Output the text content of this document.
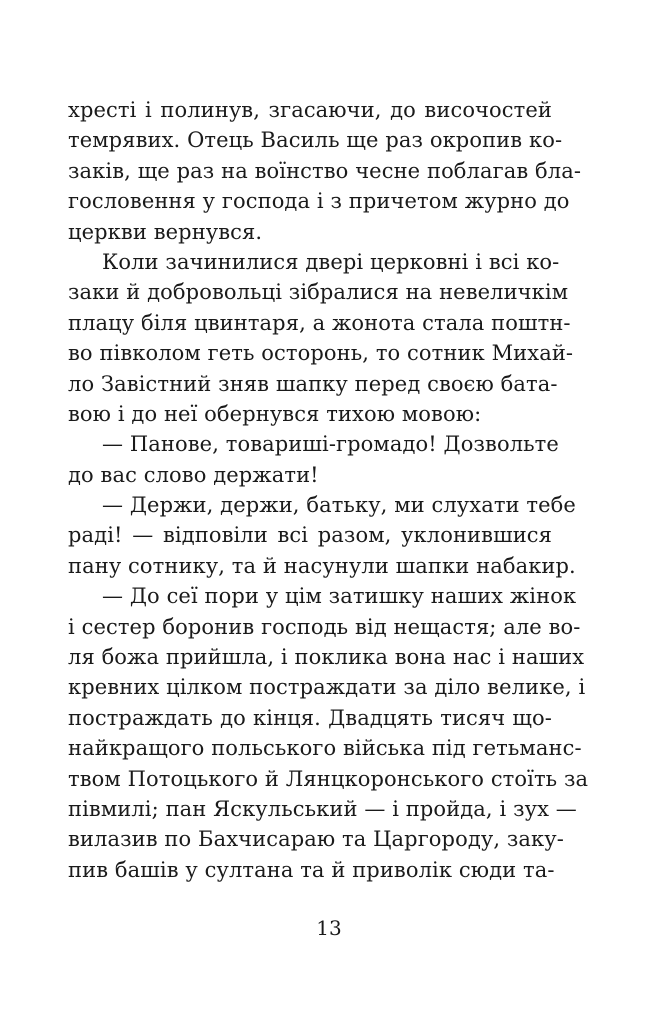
хресті і полинув, згасаючи, до височостей
темрявих. Отець Василь ще раз окропив ко-
заків, ще раз на воїнство чесне поблагав бла-
гословення у господа і з причетом журно до
церкви вернувся.
Коли зачинилися двері церковні і всі ко-
заки й добровольці зібралися на невеличкім
плацу біля цвинтаря, а жонота стала поштн-
во півколом геть осторонь, то сотник Михай-
ло Завістний зняв шапку перед своєю бата-
вою і до неї обернувся тихою мовою:
— Панове, товариші-громадо! Дозвольте
до вас слово держати!
— Держи, держи, батьку, ми слухати тебе
раді! — відповіли всі разом, уклонившися
пану сотнику, та й насунули шапки набакир.
— До сеї пори у цім затишку наших жінок
і сестер боронив господь від нещастя; але во-
ля божа прийшла, і поклика вона нас і наших
кревних цілком постраждати за діло велике, і
постраждать до кінця. Двадцять тисяч що-
найкращого польського війська під гетьманс-
твом Потоцького й Лянцкоронського стоїть за
півмилі; пан Яскульський — і пройда, і зух —
вилазив по Бахчисараю та Царгороду, заку-
пив башів у султана та й приволік сюди та-
13
